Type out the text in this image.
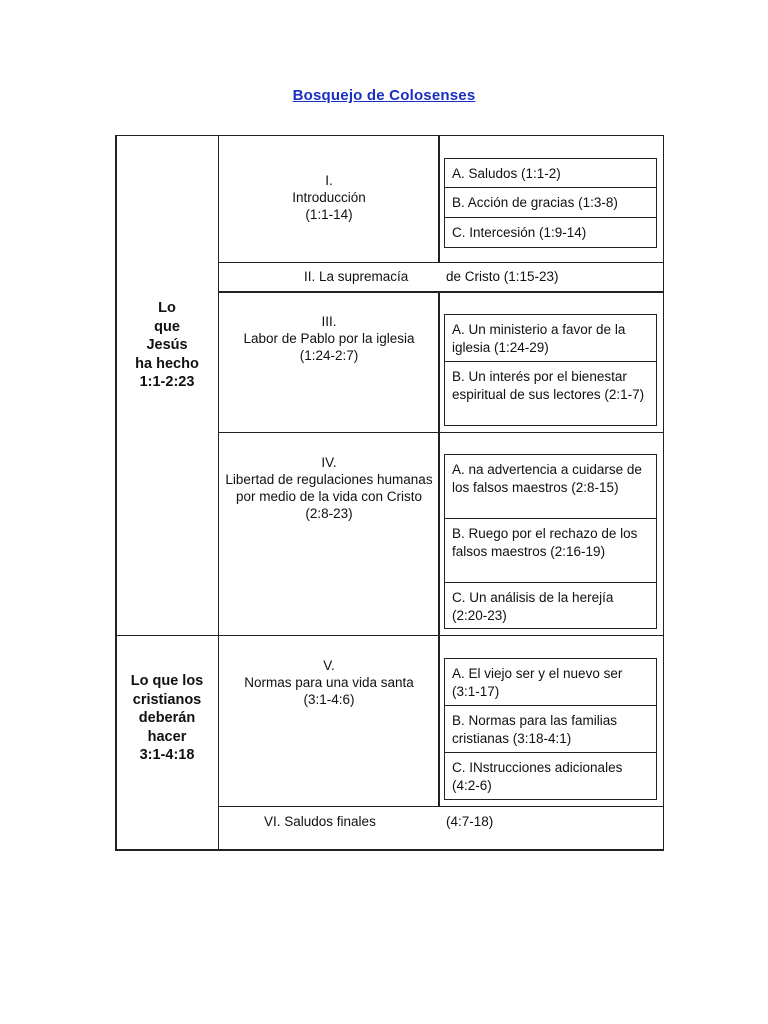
Bosquejo de Colosenses
Lo
que
Jesús
ha hecho
1:1-2:23
Lo que los
cristianos
deberán
hacer
3:1-4:18
I.
Introducción
(1:1-14)
A. Saludos (1:1-2)
B. Acción de gracias (1:3-8)
C. Intercesión (1:9-14)
II. La supremacía	de Cristo (1:15-23)
III.
Labor de Pablo por la iglesia
(1:24-2:7)
A. Un ministerio a favor de la iglesia (1:24-29)
B. Un interés por el bienestar espiritual de sus lectores (2:1-7)
IV.
Libertad de regulaciones humanas por medio de la vida con Cristo
(2:8-23)
A. na advertencia a cuidarse de los falsos maestros (2:8-15)
B. Ruego por el rechazo de los falsos maestros (2:16-19)
C. Un análisis de la herejía (2:20-23)
V.
Normas para una vida santa
(3:1-4:6)
A. El viejo ser y el nuevo ser (3:1-17)
B. Normas para las familias cristianas (3:18-4:1)
C. INstrucciones adicionales (4:2-6)
VI. Saludos finales	(4:7-18)
